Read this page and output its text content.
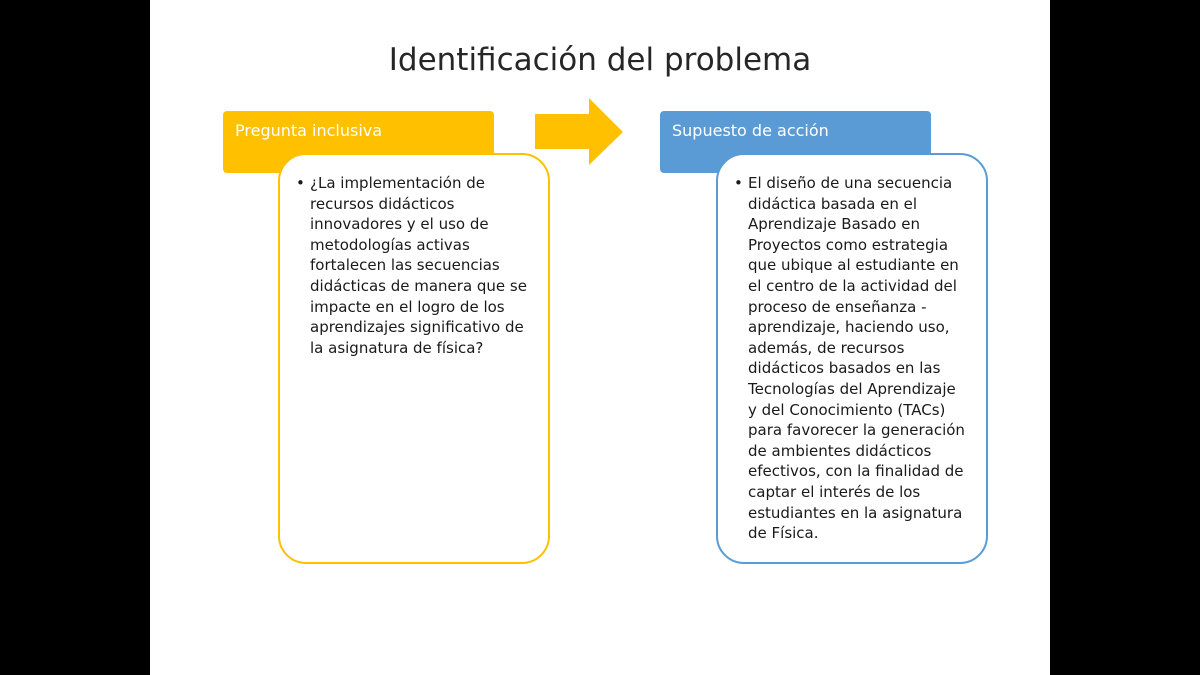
Identificación del problema
Pregunta inclusiva	Supuesto de acción
• ¿La implementación de recursos didácticos innovadores y el uso de metodologías activas fortalecen las secuencias didácticas de manera que se impacte en el logro de los aprendizajes significativo de la asignatura de física?
• El diseño de una secuencia didáctica basada en el Aprendizaje Basado en Proyectos como estrategia que ubique al estudiante en el centro de la actividad del proceso de enseñanza - aprendizaje, haciendo uso, además, de recursos didácticos basados en las Tecnologías del Aprendizaje y del Conocimiento (TACs) para favorecer la generación de ambientes didácticos efectivos, con la finalidad de captar el interés de los estudiantes en la asignatura de Física.
